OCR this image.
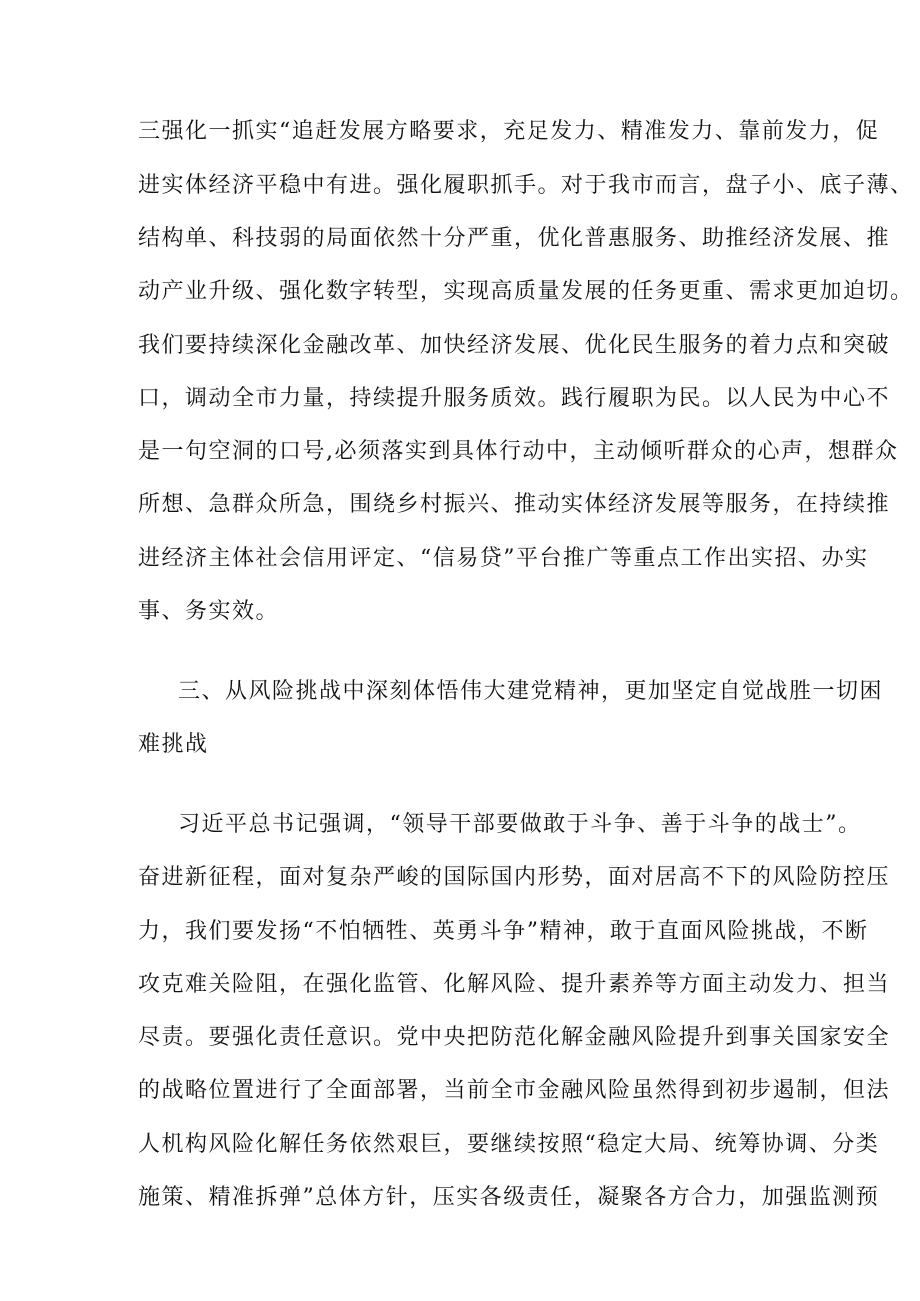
三强化一抓实“追赶发展方略要求，充足发力、精准发力、靠前发力，促
进实体经济平稳中有进。强化履职抓手。对于我市而言，盘子小、底子薄、
结构单、科技弱的局面依然十分严重，优化普惠服务、助推经济发展、推
动产业升级、强化数字转型，实现高质量发展的任务更重、需求更加迫切。
我们要持续深化金融改革、加快经济发展、优化民生服务的着力点和突破
口，调动全市力量，持续提升服务质效。践行履职为民。以人民为中心不
是一句空洞的口号,必须落实到具体行动中，主动倾听群众的心声，想群众
所想、急群众所急，围绕乡村振兴、推动实体经济发展等服务，在持续推
进经济主体社会信用评定、“信易贷”平台推广等重点工作出实招、办实
事、务实效。
三、从风险挑战中深刻体悟伟大建党精神，更加坚定自觉战胜一切困
难挑战
习近平总书记强调，“领导干部要做敢于斗争、善于斗争的战士”。
奋进新征程，面对复杂严峻的国际国内形势，面对居高不下的风险防控压
力，我们要发扬“不怕牺牲、英勇斗争”精神，敢于直面风险挑战，不断
攻克难关险阻，在强化监管、化解风险、提升素养等方面主动发力、担当
尽责。要强化责任意识。党中央把防范化解金融风险提升到事关国家安全
的战略位置进行了全面部署，当前全市金融风险虽然得到初步遏制，但法
人机构风险化解任务依然艰巨，要继续按照“稳定大局、统筹协调、分类
施策、精准拆弹”总体方针，压实各级责任，凝聚各方合力，加强监测预
